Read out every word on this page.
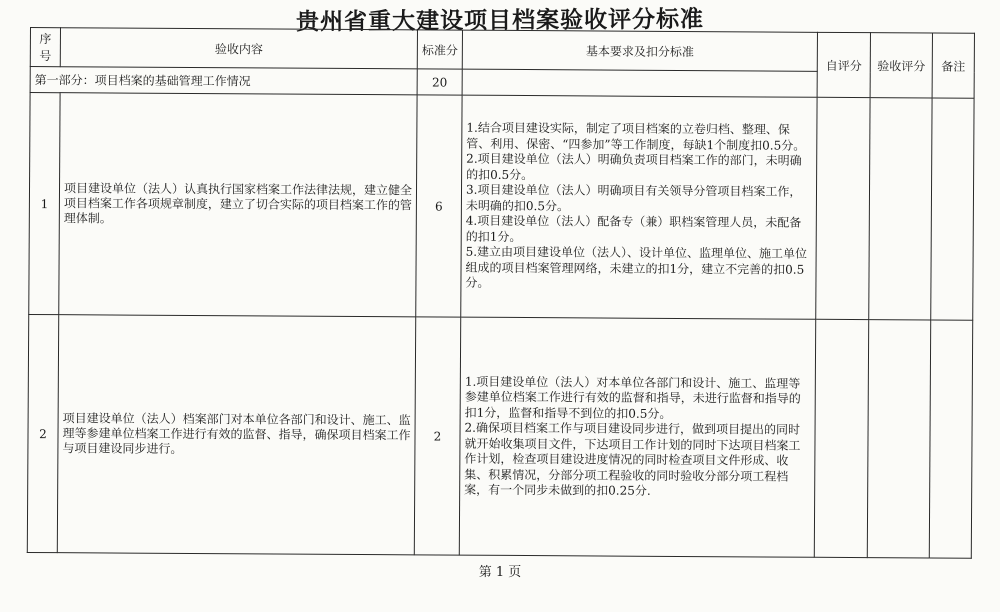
贵州省重大建设项目档案验收评分标准
序号	验收内容	标准分	基本要求及扣分标准	自评分	验收评分	备注
第一部分：项目档案的基础管理工作情况		20				
1	项目建设单位（法人）认真执行国家档案工作法律法规，建立健全项目档案工作各项规章制度，建立了切合实际的项目档案工作的管理体制。	6	1.结合项目建设实际，制定了项目档案的立卷归档、整理、保管、利用、保密、“四参加”等工作制度，每缺1个制度扣0.5分。

2.项目建设单位（法人）明确负责项目档案工作的部门，未明确的扣0.5分。

3.项目建设单位（法人）明确项目有关领导分管项目档案工作，未明确的扣0.5分。

4.项目建设单位（法人）配备专（兼）职档案管理人员，未配备的扣1分。

5.建立由项目建设单位（法人）、设计单位、监理单位、施工单位组成的项目档案管理网络，未建立的扣1分，建立不完善的扣0.5分。			

2	项目建设单位（法人）档案部门对本单位各部门和设计、施工、监理等参建单位档案工作进行有效的监督、指导，确保项目档案工作与项目建设同步进行。	2	1.项目建设单位（法人）对本单位各部门和设计、施工、监理等参建单位档案工作进行有效的监督和指导，未进行监督和指导的扣1分，监督和指导不到位的扣0.5分。

2.确保项目档案工作与项目建设同步进行，做到项目提出的同时就开始收集项目文件，下达项目工作计划的同时下达项目档案工作计划，检查项目建设进度情况的同时检查项目文件形成、收集、积累情况，分部分项工程验收的同时验收分部分项工程档案，有一个同步未做到的扣0.25分.			

第 1 页
